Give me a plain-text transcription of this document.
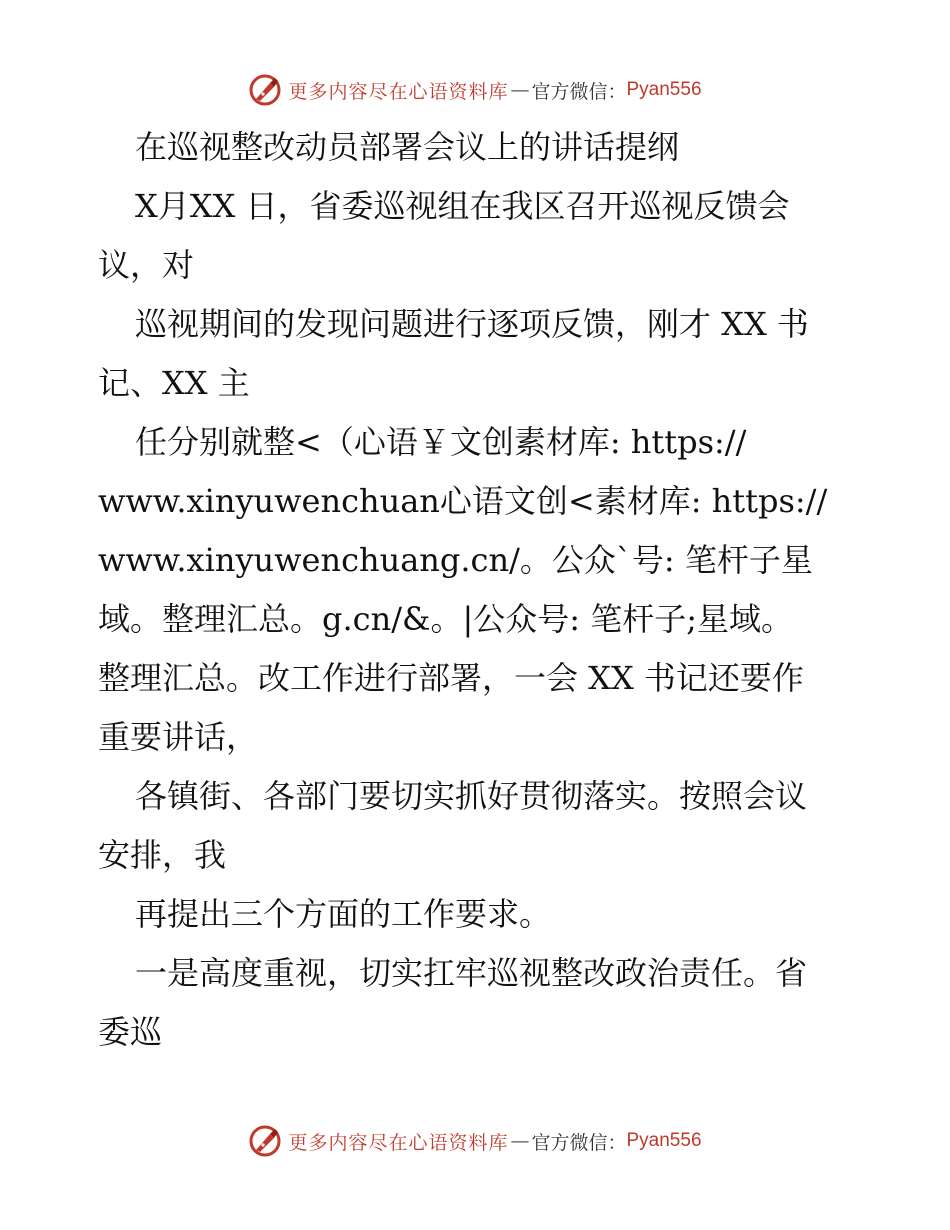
更多内容尽在心语资料库 — 官方微信： Pyan556

在巡视整改动员部署会议上的讲话提纲

X月XX 日，省委巡视组在我区召开巡视反馈会

议，对

巡视期间的发现问题进行逐项反馈，刚才 XX 书

记、XX 主

任分别就整<（心语￥文创素材库: https://

www.xinyuwenchuan心语文创<素材库: https://

www.xinyuwenchuang.cn/。公众`号: 笔杆子星

域。整理汇总。g.cn/&。|公众号: 笔杆子;星域。

整理汇总。改工作进行部署，一会 XX 书记还要作

重要讲话，

各镇街、各部门要切实抓好贯彻落实。按照会议

安排，我

再提出三个方面的工作要求。

一是高度重视，切实扛牢巡视整改政治责任。省

委巡

更多内容尽在心语资料库 — 官方微信： Pyan556
